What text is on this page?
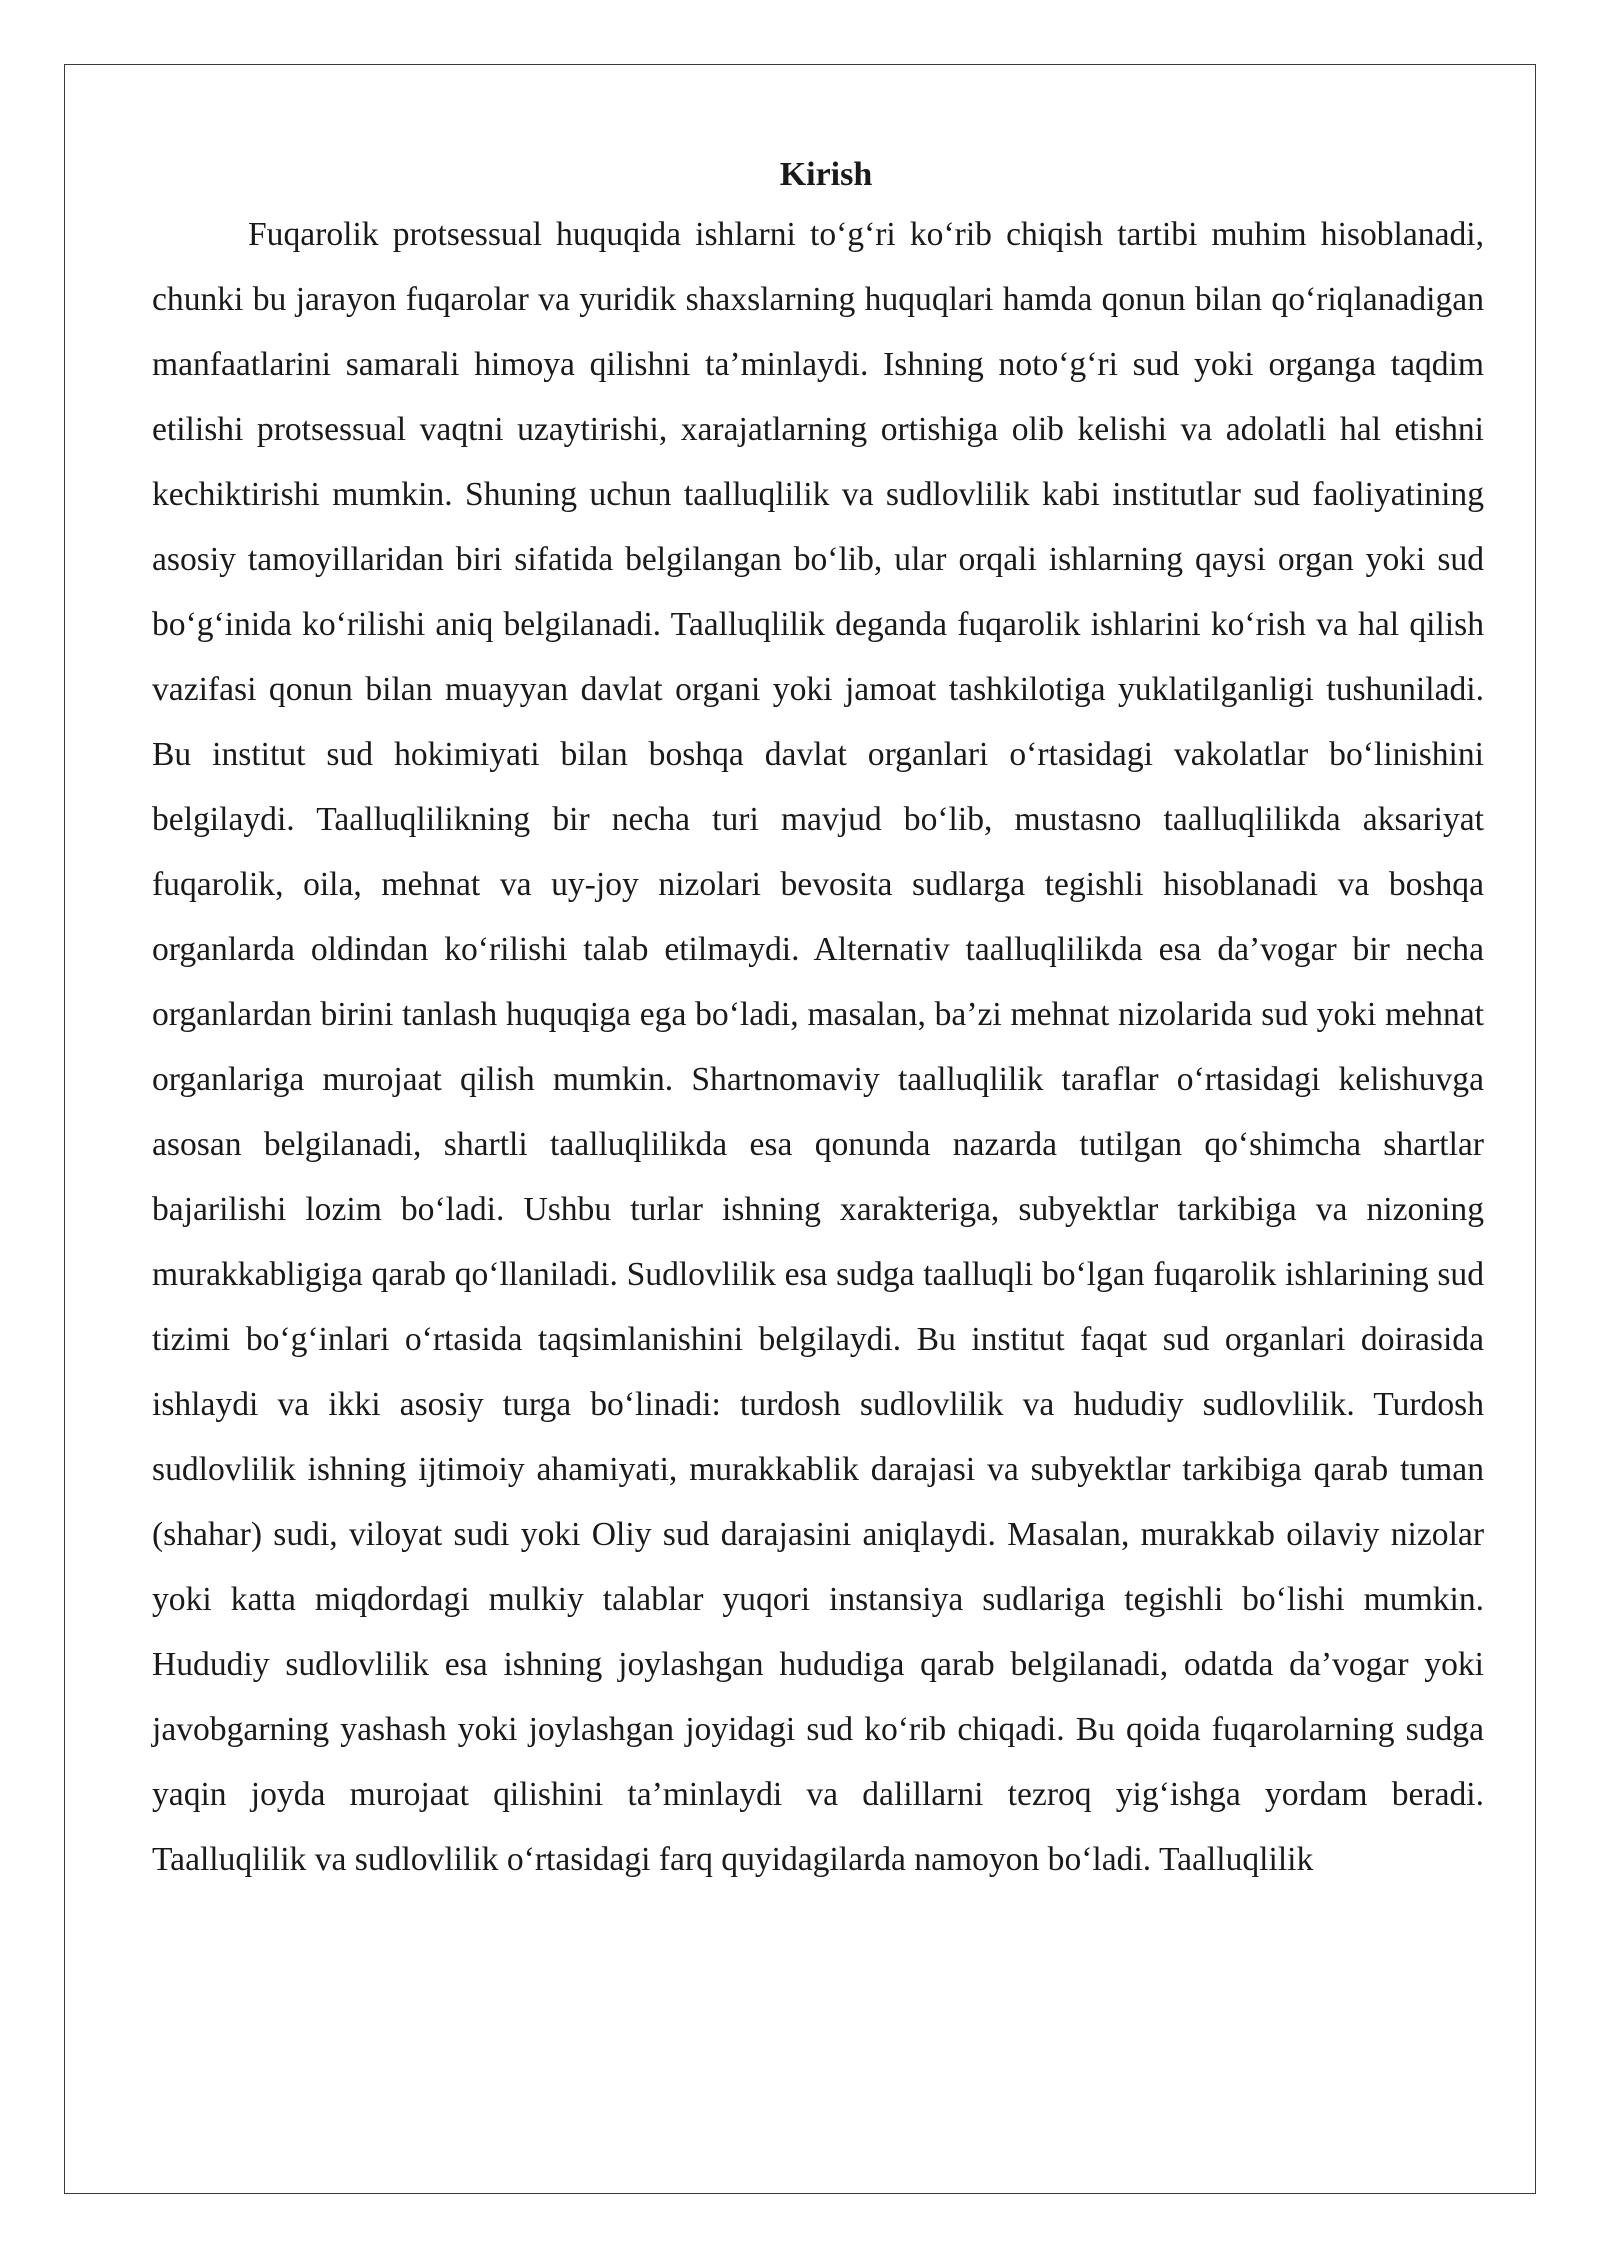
Kirish

Fuqarolik protsessual huquqida ishlarni to‘g‘ri ko‘rib chiqish tartibi muhim hisoblanadi, chunki bu jarayon fuqarolar va yuridik shaxslarning huquqlari hamda qonun bilan qo‘riqlanadigan manfaatlarini samarali himoya qilishni ta’minlaydi. Ishning noto‘g‘ri sud yoki organga taqdim etilishi protsessual vaqtni uzaytirishi, xarajatlarning ortishiga olib kelishi va adolatli hal etishni kechiktirishi mumkin. Shuning uchun taalluqlilik va sudlovlilik kabi institutlar sud faoliyatining asosiy tamoyillaridan biri sifatida belgilangan bo‘lib, ular orqali ishlarning qaysi organ yoki sud bo‘g‘inida ko‘rilishi aniq belgilanadi. Taalluqlilik deganda fuqarolik ishlarini ko‘rish va hal qilish vazifasi qonun bilan muayyan davlat organi yoki jamoat tashkilotiga yuklatilganligi tushuniladi. Bu institut sud hokimiyati bilan boshqa davlat organlari o‘rtasidagi vakolatlar bo‘linishini belgilaydi. Taalluqlilikning bir necha turi mavjud bo‘lib, mustasno taalluqlilikda aksariyat fuqarolik, oila, mehnat va uy-joy nizolari bevosita sudlarga tegishli hisoblanadi va boshqa organlarda oldindan ko‘rilishi talab etilmaydi. Alternativ taalluqlilikda esa da’vogar bir necha organlardan birini tanlash huquqiga ega bo‘ladi, masalan, ba’zi mehnat nizolarida sud yoki mehnat organlariga murojaat qilish mumkin. Shartnomaviy taalluqlilik taraflar o‘rtasidagi kelishuvga asosan belgilanadi, shartli taalluqlilikda esa qonunda nazarda tutilgan qo‘shimcha shartlar bajarilishi lozim bo‘ladi. Ushbu turlar ishning xarakteriga, subyektlar tarkibiga va nizoning murakkabligiga qarab qo‘llaniladi. Sudlovlilik esa sudga taalluqli bo‘lgan fuqarolik ishlarining sud tizimi bo‘g‘inlari o‘rtasida taqsimlanishini belgilaydi. Bu institut faqat sud organlari doirasida ishlaydi va ikki asosiy turga bo‘linadi: turdosh sudlovlilik va hududiy sudlovlilik. Turdosh sudlovlilik ishning ijtimoiy ahamiyati, murakkablik darajasi va subyektlar tarkibiga qarab tuman (shahar) sudi, viloyat sudi yoki Oliy sud darajasini aniqlaydi. Masalan, murakkab oilaviy nizolar yoki katta miqdordagi mulkiy talablar yuqori instansiya sudlariga tegishli bo‘lishi mumkin. Hududiy sudlovlilik esa ishning joylashgan hududiga qarab belgilanadi, odatda da’vogar yoki javobgarning yashash yoki joylashgan joyidagi sud ko‘rib chiqadi. Bu qoida fuqarolarning sudga yaqin joyda murojaat qilishini ta’minlaydi va dalillarni tezroq yig‘ishga yordam beradi. Taalluqlilik va sudlovlilik o‘rtasidagi farq quyidagilarda namoyon bo‘ladi. Taalluqlilik
